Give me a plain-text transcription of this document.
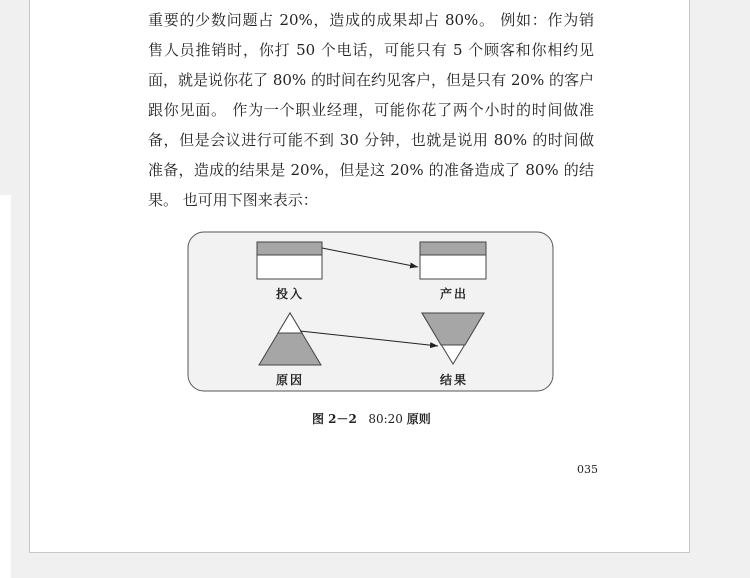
重要的少数问题占 20%，造成的成果却占 80%。 例如：作为销
售人员推销时，你打 50 个电话，可能只有 5 个顾客和你相约见
面，就是说你花了 80% 的时间在约见客户，但是只有 20% 的客户
跟你见面。 作为一个职业经理，可能你花了两个小时的时间做准
备，但是会议进行可能不到 30 分钟，也就是说用 80% 的时间做
准备，造成的结果是 20%，但是这 20% 的准备造成了 80% 的结
果。 也可用下图来表示：
投入	产出
原因	结果
图 2－2 80:20 原则
035
